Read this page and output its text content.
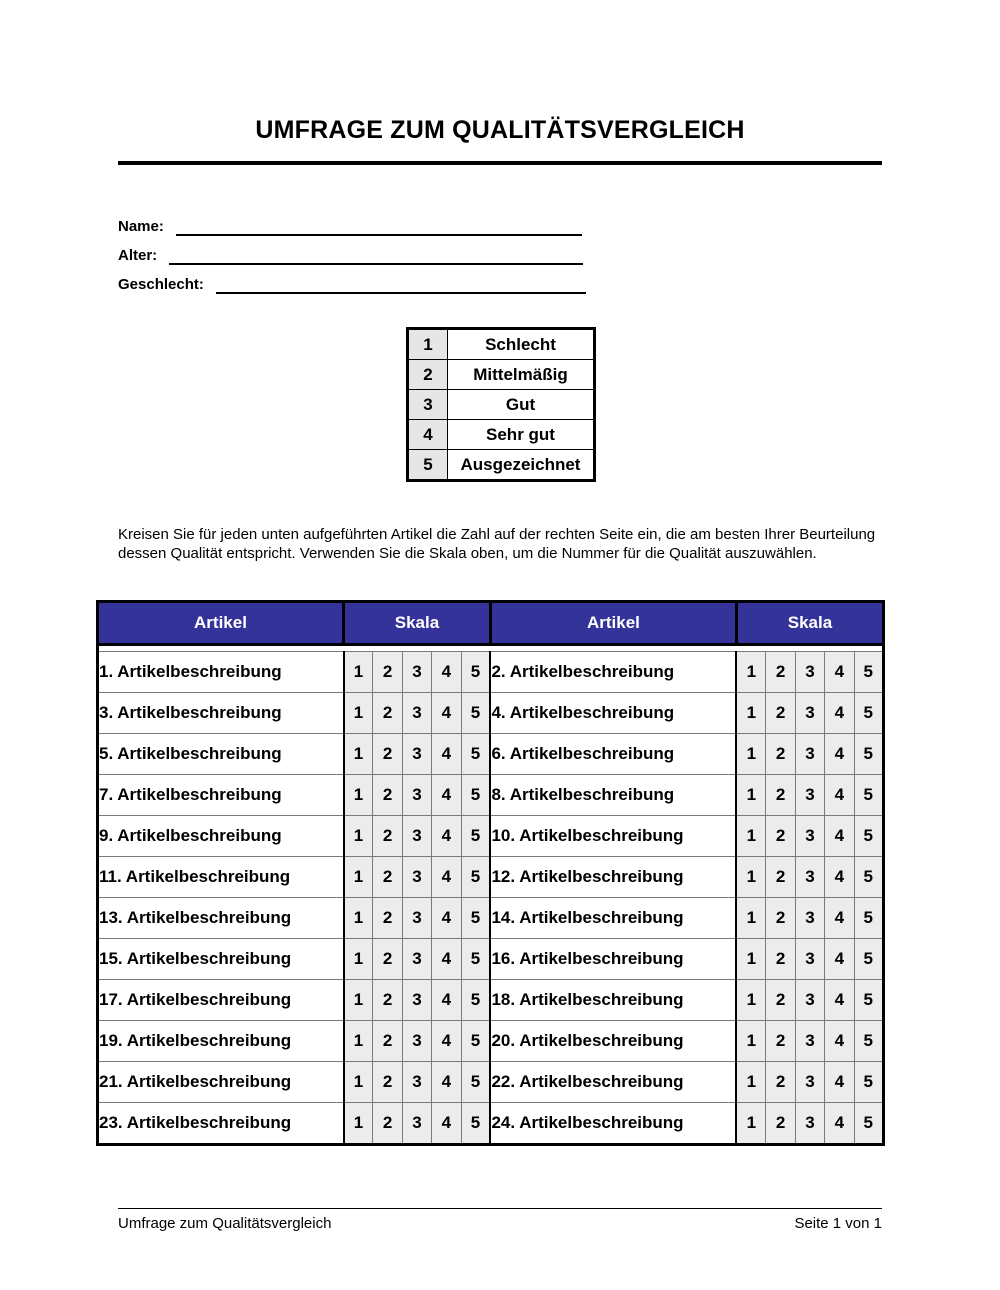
UMFRAGE ZUM QUALITÄTSVERGLEICH
Name:
Alter:
Geschlecht:
1	Schlecht
2	Mittelmäßig
3	Gut
4	Sehr gut
5	Ausgezeichnet

Kreisen Sie für jeden unten aufgeführten Artikel die Zahl auf der rechten Seite ein, die am besten Ihrer Beurteilung dessen Qualität entspricht. Verwenden Sie die Skala oben, um die Nummer für die Qualität auszuwählen.

Artikel	Skala					Artikel	Skala				

1. Artikelbeschreibung	1	2	3	4	5	2. Artikelbeschreibung	1	2	3	4	5
3. Artikelbeschreibung	1	2	3	4	5	4. Artikelbeschreibung	1	2	3	4	5
5. Artikelbeschreibung	1	2	3	4	5	6. Artikelbeschreibung	1	2	3	4	5
7. Artikelbeschreibung	1	2	3	4	5	8. Artikelbeschreibung	1	2	3	4	5
9. Artikelbeschreibung	1	2	3	4	5	10. Artikelbeschreibung	1	2	3	4	5
11. Artikelbeschreibung	1	2	3	4	5	12. Artikelbeschreibung	1	2	3	4	5
13. Artikelbeschreibung	1	2	3	4	5	14. Artikelbeschreibung	1	2	3	4	5
15. Artikelbeschreibung	1	2	3	4	5	16. Artikelbeschreibung	1	2	3	4	5
17. Artikelbeschreibung	1	2	3	4	5	18. Artikelbeschreibung	1	2	3	4	5
19. Artikelbeschreibung	1	2	3	4	5	20. Artikelbeschreibung	1	2	3	4	5
21. Artikelbeschreibung	1	2	3	4	5	22. Artikelbeschreibung	1	2	3	4	5
23. Artikelbeschreibung	1	2	3	4	5	24. Artikelbeschreibung	1	2	3	4	5
Umfrage zum Qualitätsvergleich	Seite 1 von 1
